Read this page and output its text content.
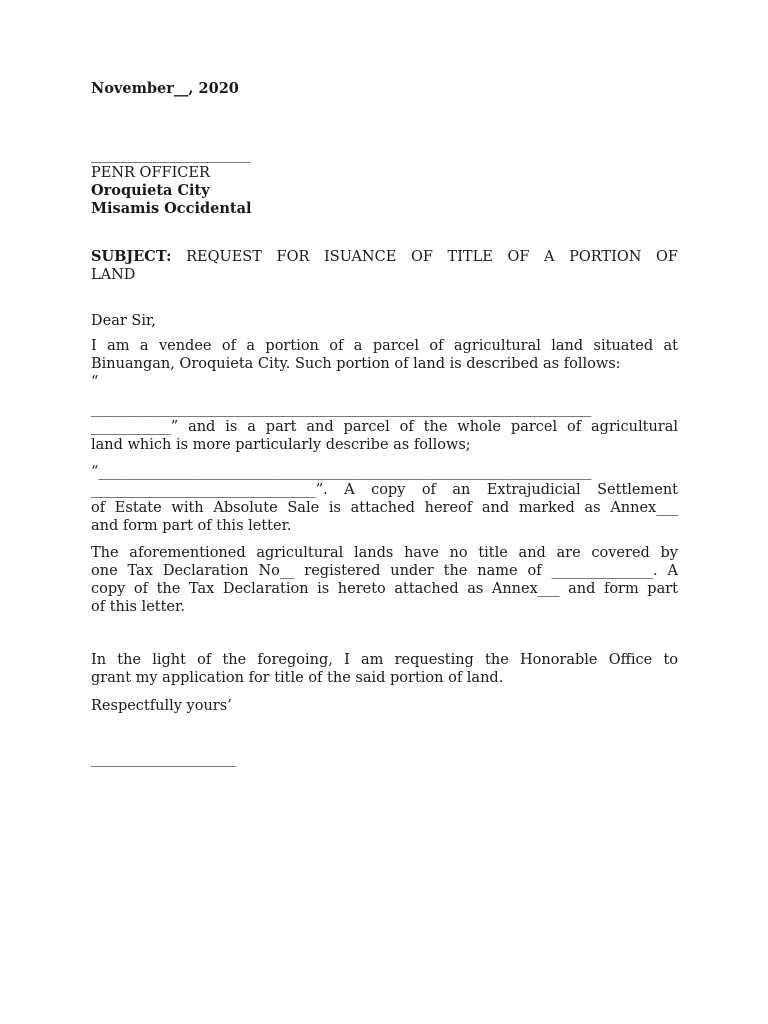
November__, 2020
______________________
PENR OFFICER
Oroquieta City
Misamis Occidental
SUBJECT: REQUEST FOR ISUANCE OF TITLE OF A PORTION OF
LAND
Dear Sir,
I am a vendee of a portion of a parcel of agricultural land situated at
Binuangan, Oroquieta City. Such portion of land is described as follows:
“
_____________________________________________________________________
___________” and is a part and parcel of the whole parcel of agricultural
land which is more particularly describe as follows;
“____________________________________________________________________
_______________________________”. A copy of an Extrajudicial Settlement
of Estate with Absolute Sale is attached hereof and marked as Annex___
and form part of this letter.
The aforementioned agricultural lands have no title and are covered by
one Tax Declaration No__ registered under the name of ______________. A
copy of the Tax Declaration is hereto attached as Annex___ and form part
of this letter.
In the light of the foregoing, I am requesting the Honorable Office to
grant my application for title of the said portion of land.
Respectfully yours’
____________________
